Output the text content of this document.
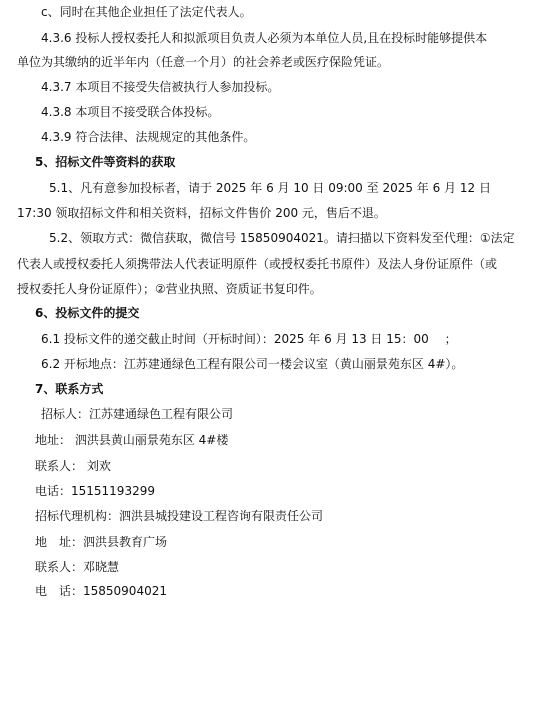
c、同时在其他企业担任了法定代表人。
4.3.6 投标人授权委托人和拟派项目负责人必须为本单位人员,且在投标时能够提供本
单位为其缴纳的近半年内（任意一个月）的社会养老或医疗保险凭证。
4.3.7 本项目不接受失信被执行人参加投标。
4.3.8 本项目不接受联合体投标。
4.3.9 符合法律、法规规定的其他条件。
5、招标文件等资料的获取
5.1、凡有意参加投标者，请于 2025 年 6 月 10 日 09:00 至 2025 年 6 月 12 日
17:30 领取招标文件和相关资料，招标文件售价 200 元，售后不退。
5.2、领取方式：微信获取，微信号 15850904021。请扫描以下资料发至代理：①法定
代表人或授权委托人须携带法人代表证明原件（或授权委托书原件）及法人身份证原件（或
授权委托人身份证原件）；②营业执照、资质证书复印件。
6、投标文件的提交
6.1 投标文件的递交截止时间（开标时间）：2025 年 6 月 13 日 15：00　 ；
6.2 开标地点：江苏建通绿色工程有限公司一楼会议室（黄山丽景苑东区 4#）。
7、联系方式
招标人：江苏建通绿色工程有限公司
地址： 泗洪县黄山丽景苑东区 4#楼
联系人： 刘欢
电话：15151193299
招标代理机构：泗洪县城投建设工程咨询有限责任公司
地　址：泗洪县教育广场
联系人：邓晓慧
电　话：15850904021
